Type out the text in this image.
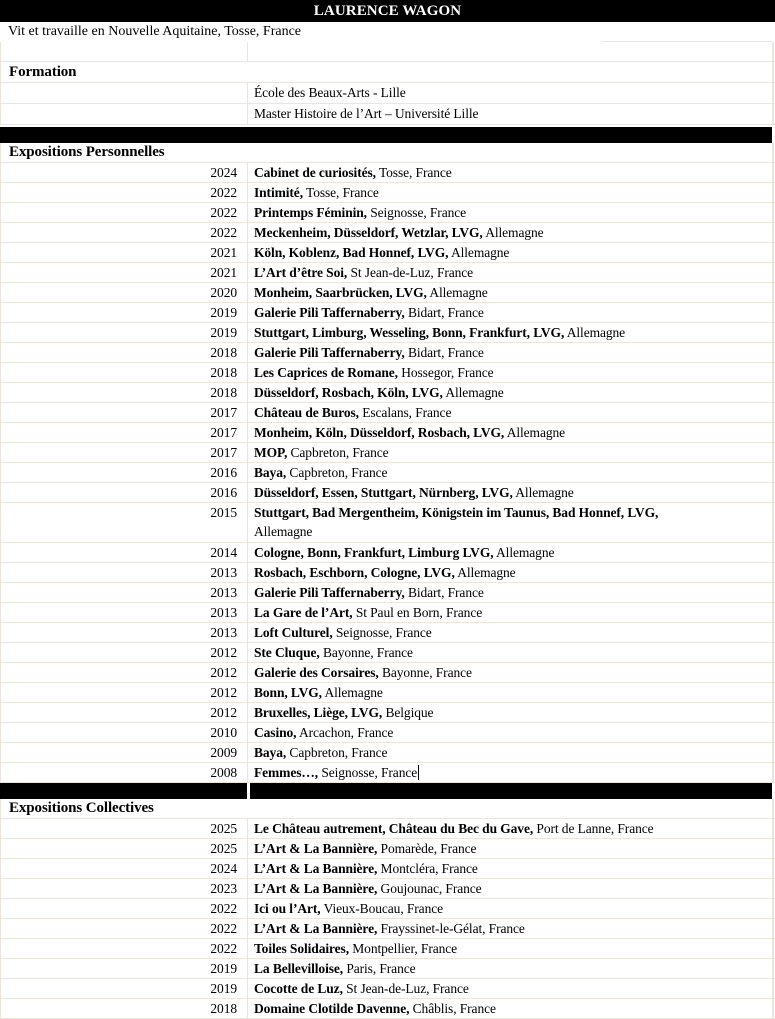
LAURENCE WAGON
Vit et travaille en Nouvelle Aquitaine, Tosse, France
Formation
École des Beaux-Arts - Lille
Master Histoire de l’Art – Université Lille
Expositions Personnelles
2024	Cabinet de curiosités, Tosse, France
2022	Intimité, Tosse, France
2022	Printemps Féminin, Seignosse, France
2022	Meckenheim, Düsseldorf, Wetzlar, LVG, Allemagne
2021	Köln, Koblenz, Bad Honnef, LVG, Allemagne
2021	L’Art d’être Soi, St Jean-de-Luz, France
2020	Monheim, Saarbrücken, LVG, Allemagne
2019	Galerie Pili Taffernaberry, Bidart, France
2019	Stuttgart, Limburg, Wesseling, Bonn, Frankfurt, LVG, Allemagne
2018	Galerie Pili Taffernaberry, Bidart, France
2018	Les Caprices de Romane, Hossegor, France
2018	Düsseldorf, Rosbach, Köln, LVG, Allemagne
2017	Château de Buros, Escalans, France
2017	Monheim, Köln, Düsseldorf, Rosbach, LVG, Allemagne
2017	MOP, Capbreton, France
2016	Baya, Capbreton, France
2016	Düsseldorf, Essen, Stuttgart, Nürnberg, LVG, Allemagne
2015	Stuttgart, Bad Mergentheim, Königstein im Taunus, Bad Honnef, LVG,
Allemagne
2014	Cologne, Bonn, Frankfurt, Limburg LVG, Allemagne
2013	Rosbach, Eschborn, Cologne, LVG, Allemagne
2013	Galerie Pili Taffernaberry, Bidart, France
2013	La Gare de l’Art, St Paul en Born, France
2013	Loft Culturel, Seignosse, France
2012	Ste Cluque, Bayonne, France
2012	Galerie des Corsaires, Bayonne, France
2012	Bonn, LVG, Allemagne
2012	Bruxelles, Liège, LVG, Belgique
2010	Casino, Arcachon, France
2009	Baya, Capbreton, France
2008	Femmes…, Seignosse, France
Expositions Collectives
2025	Le Château autrement, Château du Bec du Gave, Port de Lanne, France
2025	L’Art & La Bannière, Pomarède, France
2024	L’Art & La Bannière, Montcléra, France
2023	L’Art & La Bannière, Goujounac, France
2022	Ici ou l’Art, Vieux-Boucau, France
2022	L’Art & La Bannière, Frayssinet-le-Gélat, France
2022	Toiles Solidaires, Montpellier, France
2019	La Bellevilloise, Paris, France
2019	Cocotte de Luz, St Jean-de-Luz, France
2018	Domaine Clotilde Davenne, Châblis, France
